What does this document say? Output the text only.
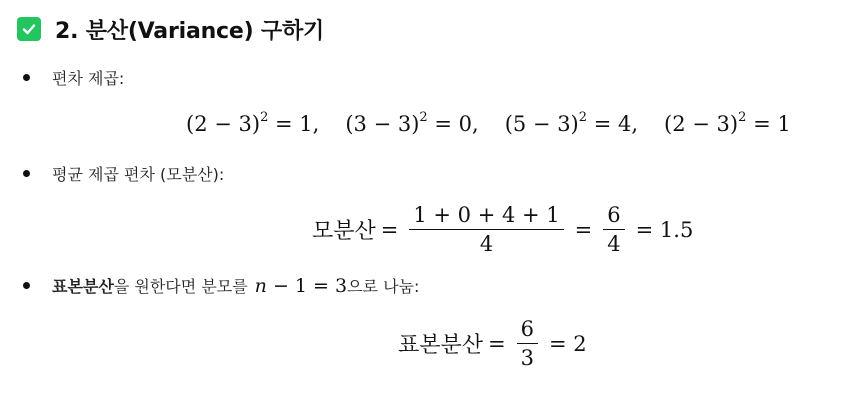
2. 분산(Variance) 구하기
편차 제곱:
$(2 - 3)^2 = 1$, $(3 - 3)^2 = 0$, $(5 - 3)^2 = 4$, $(2 - 3)^2 = 1$
평균 제곱 편차 (모분산):
모분산 = $\frac{1 + 0 + 4 + 1}{4} = \frac{6}{4} = 1.5$
표본분산 을 원한다면 분모를 n − 1 = 3 으로 나눔:
표본분산 = $\frac{6}{3} = 2$
